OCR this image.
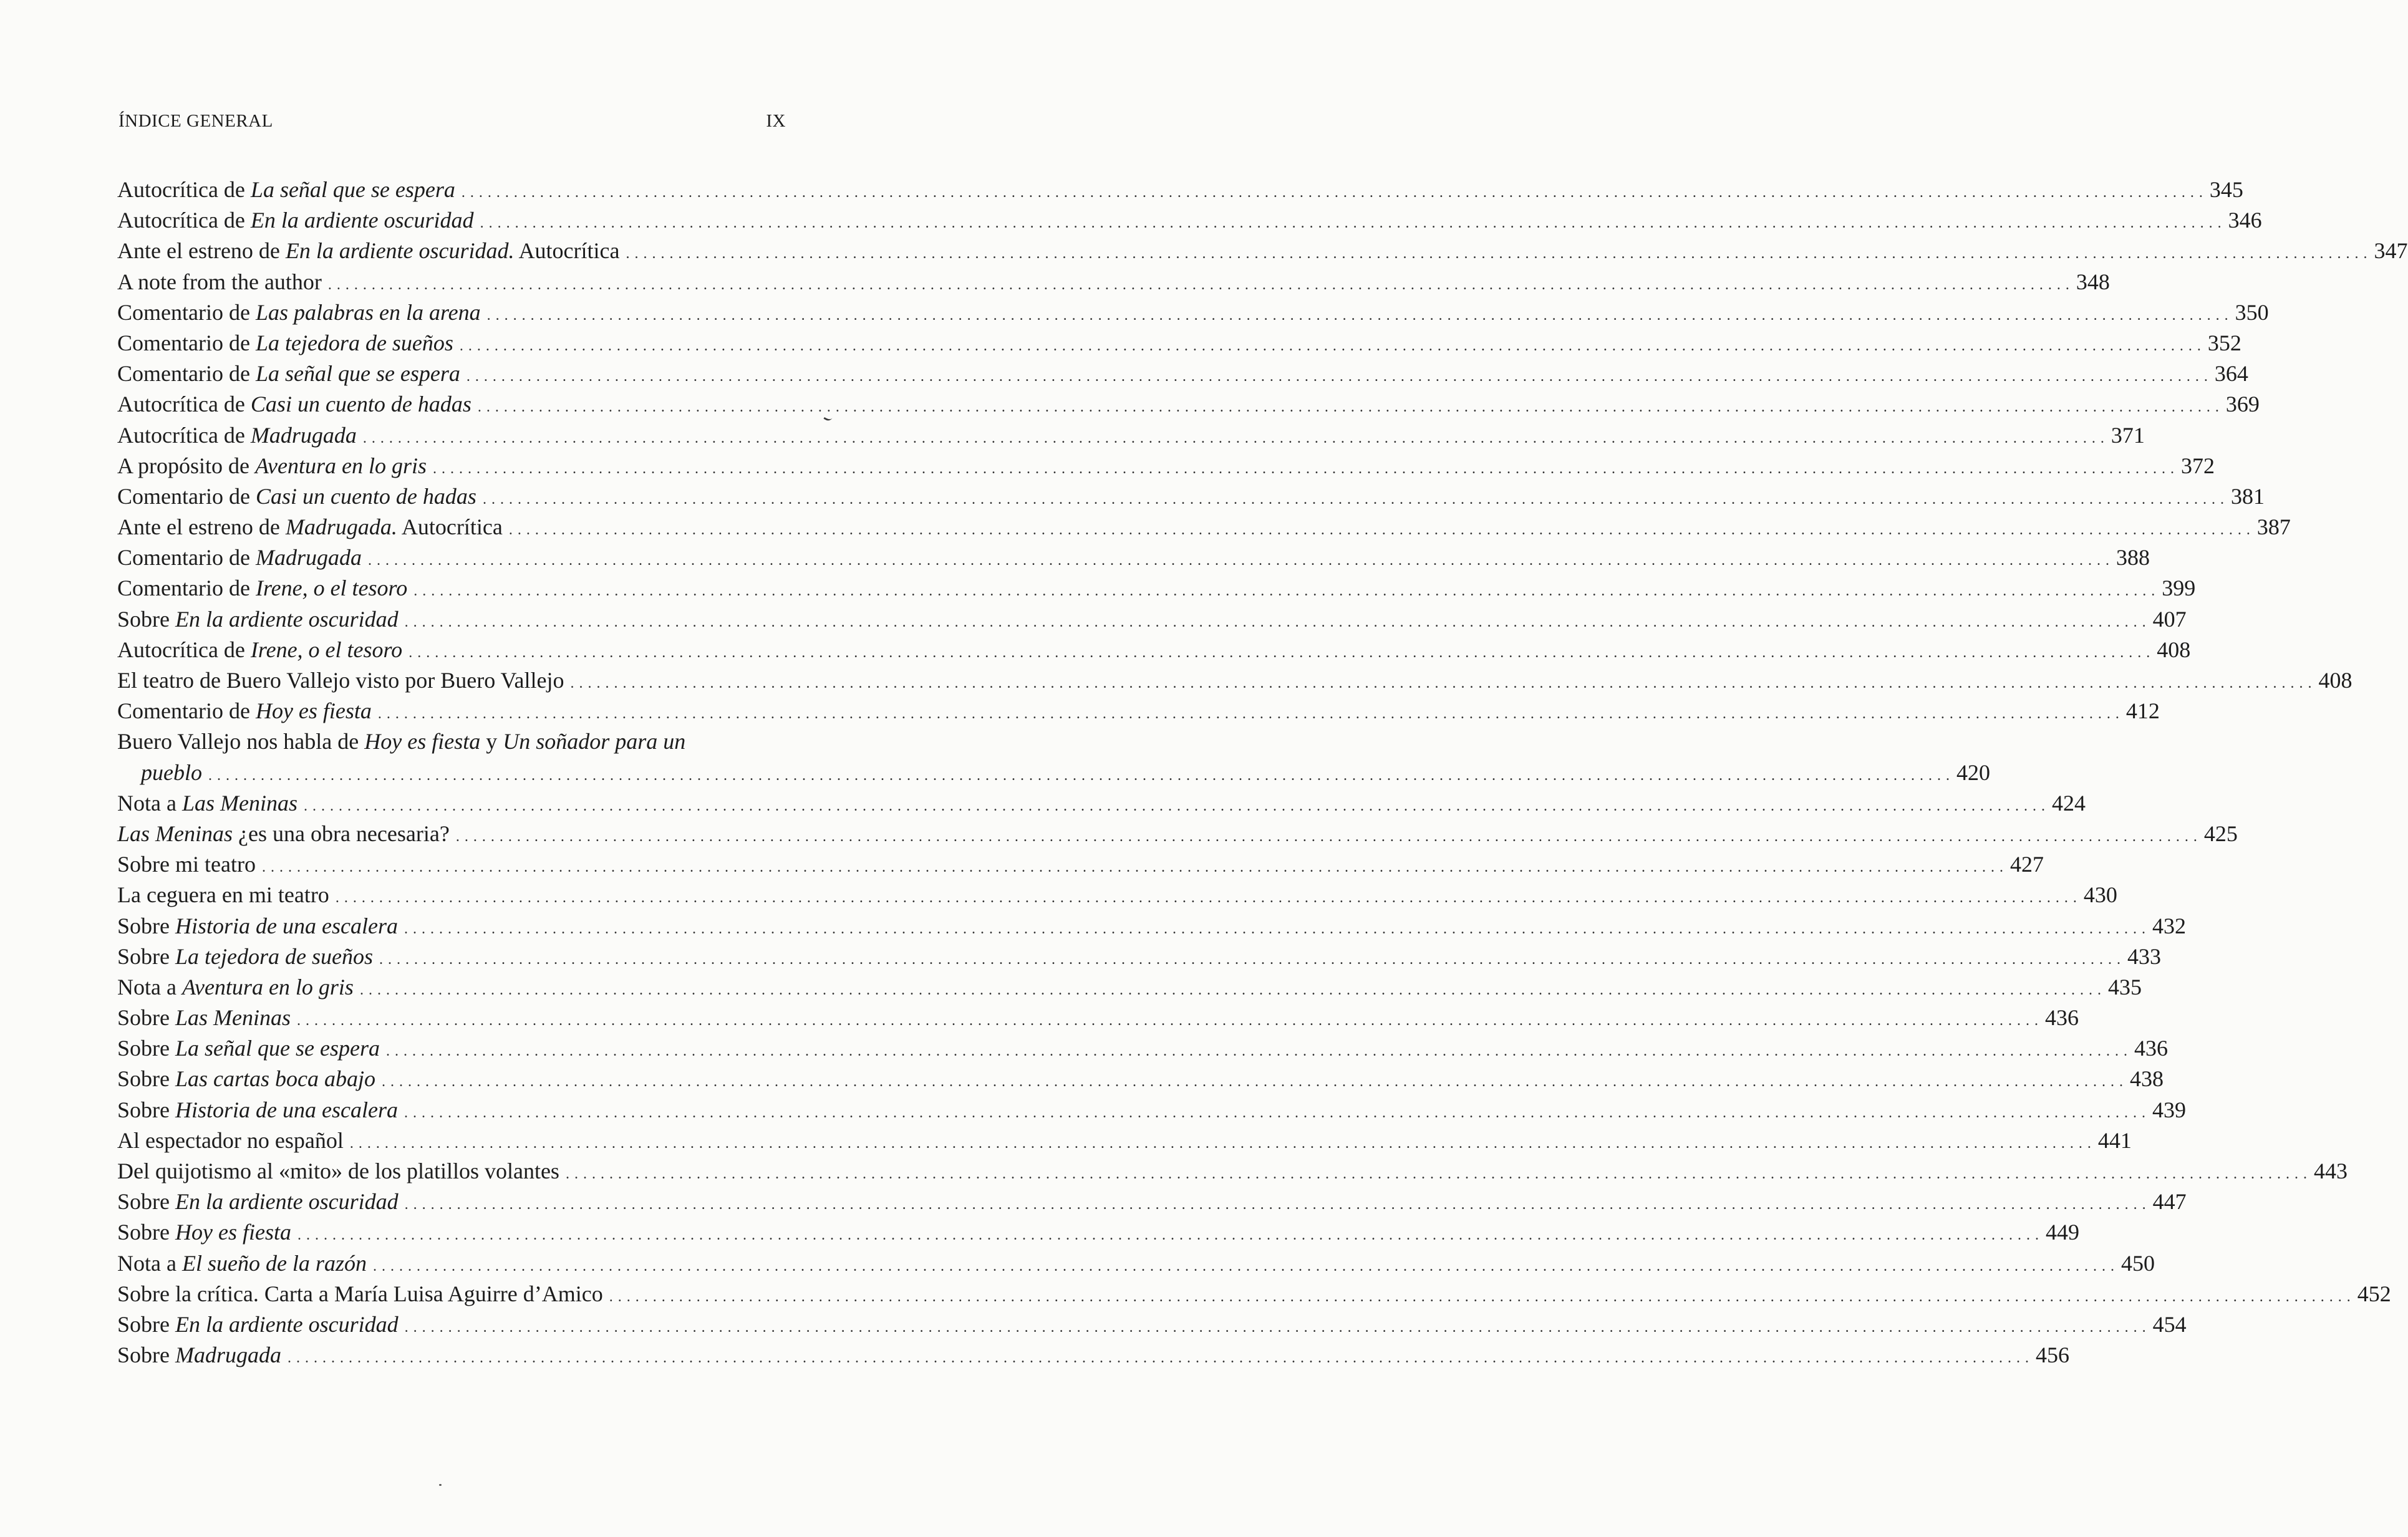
ÍNDICE GENERAL	IX
Autocrítica de La señal que se espera . . . . . . . . . . . . . . . . . . . . . . . . . . . . . . . . . . . . . . . . . . . . . . . . . . . . . . . . . . . . . . . . . . . . . . . . . . . . . . . . . . . . . . . . . . . . . . . . . . . . . . . . . . . . . . . . . . . . . . . . . . . . . . . . . . . . . . . . . . . . . . . . . . . . . . . . . . . . . . . . . . . . . . . . . . . . . . . . . . . . . . . . . . . . . . . . . . . . . . . . 345
Autocrítica de En la ardiente oscuridad . . . . . . . . . . . . . . . . . . . . . . . . . . . . . . . . . . . . . . . . . . . . . . . . . . . . . . . . . . . . . . . . . . . . . . . . . . . . . . . . . . . . . . . . . . . . . . . . . . . . . . . . . . . . . . . . . . . . . . . . . . . . . . . . . . . . . . . . . . . . . . . . . . . . . . . . . . . . . . . . . . . . . . . . . . . . . . . . . . . . . . . . . . . . . . . . . . . . . . . . 346
Ante el estreno de En la ardiente oscuridad. Autocrítica . . . . . . . . . . . . . . . . . . . . . . . . . . . . . . . . . . . . . . . . . . . . . . . . . . . . . . . . . . . . . . . . . . . . . . . . . . . . . . . . . . . . . . . . . . . . . . . . . . . . . . . . . . . . . . . . . . . . . . . . . . . . . . . . . . . . . . . . . . . . . . . . . . . . . . . . . . . . . . . . . . . . . . . . . . . . . . . . . . . . . . . . . . . . . . . . . . . . . . . . 347
A note from the author . . . . . . . . . . . . . . . . . . . . . . . . . . . . . . . . . . . . . . . . . . . . . . . . . . . . . . . . . . . . . . . . . . . . . . . . . . . . . . . . . . . . . . . . . . . . . . . . . . . . . . . . . . . . . . . . . . . . . . . . . . . . . . . . . . . . . . . . . . . . . . . . . . . . . . . . . . . . . . . . . . . . . . . . . . . . . . . . . . . . . . . . . . . . . . . . . . . . . . . . 348
Comentario de Las palabras en la arena . . . . . . . . . . . . . . . . . . . . . . . . . . . . . . . . . . . . . . . . . . . . . . . . . . . . . . . . . . . . . . . . . . . . . . . . . . . . . . . . . . . . . . . . . . . . . . . . . . . . . . . . . . . . . . . . . . . . . . . . . . . . . . . . . . . . . . . . . . . . . . . . . . . . . . . . . . . . . . . . . . . . . . . . . . . . . . . . . . . . . . . . . . . . . . . . . . . . . . . . 350
Comentario de La tejedora de sueños . . . . . . . . . . . . . . . . . . . . . . . . . . . . . . . . . . . . . . . . . . . . . . . . . . . . . . . . . . . . . . . . . . . . . . . . . . . . . . . . . . . . . . . . . . . . . . . . . . . . . . . . . . . . . . . . . . . . . . . . . . . . . . . . . . . . . . . . . . . . . . . . . . . . . . . . . . . . . . . . . . . . . . . . . . . . . . . . . . . . . . . . . . . . . . . . . . . . . . . . 352
Comentario de La señal que se espera . . . . . . . . . . . . . . . . . . . . . . . . . . . . . . . . . . . . . . . . . . . . . . . . . . . . . . . . . . . . . . . . . . . . . . . . . . . . . . . . . . . . . . . . . . . . . . . . . . . . . . . . . . . . . . . . . . . . . . . . . . . . . . . . . . . . . . . . . . . . . . . . . . . . . . . . . . . . . . . . . . . . . . . . . . . . . . . . . . . . . . . . . . . . . . . . . . . . . . . . 364
Autocrítica de Casi un cuento de hadas . . . . . . . . . . . . . . . . . . . . . . . . . . . . . . . . . . . . . . . . . . . . . . . . . . . . . . . . . . . . . . . . . . . . . . . . . . . . . . . . . . . . . . . . . . . . . . . . . . . . . . . . . . . . . . . . . . . . . . . . . . . . . . . . . . . . . . . . . . . . . . . . . . . . . . . . . . . . . . . . . . . . . . . . . . . . . . . . . . . . . . . . . . . . . . . . . . . . . . . . 369
Autocrítica de Madrugada . . . . . . . . . . . . . . . . . . . . . . . . . . . . . . . . . . . . . . . . . . . . . . . . . . . . . . . . . . . . . . . . . . . . . . . . . . . . . . . . . . . . . . . . . . . . . . . . . . . . . . . . . . . . . . . . . . . . . . . . . . . . . . . . . . . . . . . . . . . . . . . . . . . . . . . . . . . . . . . . . . . . . . . . . . . . . . . . . . . . . . . . . . . . . . . . . . . . . . . . 371
A propósito de Aventura en lo gris . . . . . . . . . . . . . . . . . . . . . . . . . . . . . . . . . . . . . . . . . . . . . . . . . . . . . . . . . . . . . . . . . . . . . . . . . . . . . . . . . . . . . . . . . . . . . . . . . . . . . . . . . . . . . . . . . . . . . . . . . . . . . . . . . . . . . . . . . . . . . . . . . . . . . . . . . . . . . . . . . . . . . . . . . . . . . . . . . . . . . . . . . . . . . . . . . . . . . . . . 372
Comentario de Casi un cuento de hadas . . . . . . . . . . . . . . . . . . . . . . . . . . . . . . . . . . . . . . . . . . . . . . . . . . . . . . . . . . . . . . . . . . . . . . . . . . . . . . . . . . . . . . . . . . . . . . . . . . . . . . . . . . . . . . . . . . . . . . . . . . . . . . . . . . . . . . . . . . . . . . . . . . . . . . . . . . . . . . . . . . . . . . . . . . . . . . . . . . . . . . . . . . . . . . . . . . . . . . . . 381
Ante el estreno de Madrugada. Autocrítica . . . . . . . . . . . . . . . . . . . . . . . . . . . . . . . . . . . . . . . . . . . . . . . . . . . . . . . . . . . . . . . . . . . . . . . . . . . . . . . . . . . . . . . . . . . . . . . . . . . . . . . . . . . . . . . . . . . . . . . . . . . . . . . . . . . . . . . . . . . . . . . . . . . . . . . . . . . . . . . . . . . . . . . . . . . . . . . . . . . . . . . . . . . . . . . . . . . . . . . . 387
Comentario de Madrugada . . . . . . . . . . . . . . . . . . . . . . . . . . . . . . . . . . . . . . . . . . . . . . . . . . . . . . . . . . . . . . . . . . . . . . . . . . . . . . . . . . . . . . . . . . . . . . . . . . . . . . . . . . . . . . . . . . . . . . . . . . . . . . . . . . . . . . . . . . . . . . . . . . . . . . . . . . . . . . . . . . . . . . . . . . . . . . . . . . . . . . . . . . . . . . . . . . . . . . . . 388
Comentario de Irene, o el tesoro . . . . . . . . . . . . . . . . . . . . . . . . . . . . . . . . . . . . . . . . . . . . . . . . . . . . . . . . . . . . . . . . . . . . . . . . . . . . . . . . . . . . . . . . . . . . . . . . . . . . . . . . . . . . . . . . . . . . . . . . . . . . . . . . . . . . . . . . . . . . . . . . . . . . . . . . . . . . . . . . . . . . . . . . . . . . . . . . . . . . . . . . . . . . . . . . . . . . . . . . 399
Sobre En la ardiente oscuridad . . . . . . . . . . . . . . . . . . . . . . . . . . . . . . . . . . . . . . . . . . . . . . . . . . . . . . . . . . . . . . . . . . . . . . . . . . . . . . . . . . . . . . . . . . . . . . . . . . . . . . . . . . . . . . . . . . . . . . . . . . . . . . . . . . . . . . . . . . . . . . . . . . . . . . . . . . . . . . . . . . . . . . . . . . . . . . . . . . . . . . . . . . . . . . . . . . . . . . . . 407
Autocrítica de Irene, o el tesoro . . . . . . . . . . . . . . . . . . . . . . . . . . . . . . . . . . . . . . . . . . . . . . . . . . . . . . . . . . . . . . . . . . . . . . . . . . . . . . . . . . . . . . . . . . . . . . . . . . . . . . . . . . . . . . . . . . . . . . . . . . . . . . . . . . . . . . . . . . . . . . . . . . . . . . . . . . . . . . . . . . . . . . . . . . . . . . . . . . . . . . . . . . . . . . . . . . . . . . . . 408
El teatro de Buero Vallejo visto por Buero Vallejo . . . . . . . . . . . . . . . . . . . . . . . . . . . . . . . . . . . . . . . . . . . . . . . . . . . . . . . . . . . . . . . . . . . . . . . . . . . . . . . . . . . . . . . . . . . . . . . . . . . . . . . . . . . . . . . . . . . . . . . . . . . . . . . . . . . . . . . . . . . . . . . . . . . . . . . . . . . . . . . . . . . . . . . . . . . . . . . . . . . . . . . . . . . . . . . . . . . . . . . . 408
Comentario de Hoy es fiesta . . . . . . . . . . . . . . . . . . . . . . . . . . . . . . . . . . . . . . . . . . . . . . . . . . . . . . . . . . . . . . . . . . . . . . . . . . . . . . . . . . . . . . . . . . . . . . . . . . . . . . . . . . . . . . . . . . . . . . . . . . . . . . . . . . . . . . . . . . . . . . . . . . . . . . . . . . . . . . . . . . . . . . . . . . . . . . . . . . . . . . . . . . . . . . . . . . . . . . . . 412
Buero Vallejo nos habla de Hoy es fiesta y Un soñador para un
pueblo . . . . . . . . . . . . . . . . . . . . . . . . . . . . . . . . . . . . . . . . . . . . . . . . . . . . . . . . . . . . . . . . . . . . . . . . . . . . . . . . . . . . . . . . . . . . . . . . . . . . . . . . . . . . . . . . . . . . . . . . . . . . . . . . . . . . . . . . . . . . . . . . . . . . . . . . . . . . . . . . . . . . . . . . . . . . . . . . . . . . . . . . . . . . . . . . . . . . . . . . 420
Nota a Las Meninas . . . . . . . . . . . . . . . . . . . . . . . . . . . . . . . . . . . . . . . . . . . . . . . . . . . . . . . . . . . . . . . . . . . . . . . . . . . . . . . . . . . . . . . . . . . . . . . . . . . . . . . . . . . . . . . . . . . . . . . . . . . . . . . . . . . . . . . . . . . . . . . . . . . . . . . . . . . . . . . . . . . . . . . . . . . . . . . . . . . . . . . . . . . . . . . . . . . . . . . . 424
Las Meninas ¿es una obra necesaria? . . . . . . . . . . . . . . . . . . . . . . . . . . . . . . . . . . . . . . . . . . . . . . . . . . . . . . . . . . . . . . . . . . . . . . . . . . . . . . . . . . . . . . . . . . . . . . . . . . . . . . . . . . . . . . . . . . . . . . . . . . . . . . . . . . . . . . . . . . . . . . . . . . . . . . . . . . . . . . . . . . . . . . . . . . . . . . . . . . . . . . . . . . . . . . . . . . . . . . . . 425
Sobre mi teatro . . . . . . . . . . . . . . . . . . . . . . . . . . . . . . . . . . . . . . . . . . . . . . . . . . . . . . . . . . . . . . . . . . . . . . . . . . . . . . . . . . . . . . . . . . . . . . . . . . . . . . . . . . . . . . . . . . . . . . . . . . . . . . . . . . . . . . . . . . . . . . . . . . . . . . . . . . . . . . . . . . . . . . . . . . . . . . . . . . . . . . . . . . . . . . . . . . . . . . . . 427
La ceguera en mi teatro . . . . . . . . . . . . . . . . . . . . . . . . . . . . . . . . . . . . . . . . . . . . . . . . . . . . . . . . . . . . . . . . . . . . . . . . . . . . . . . . . . . . . . . . . . . . . . . . . . . . . . . . . . . . . . . . . . . . . . . . . . . . . . . . . . . . . . . . . . . . . . . . . . . . . . . . . . . . . . . . . . . . . . . . . . . . . . . . . . . . . . . . . . . . . . . . . . . . . . . . 430
Sobre Historia de una escalera . . . . . . . . . . . . . . . . . . . . . . . . . . . . . . . . . . . . . . . . . . . . . . . . . . . . . . . . . . . . . . . . . . . . . . . . . . . . . . . . . . . . . . . . . . . . . . . . . . . . . . . . . . . . . . . . . . . . . . . . . . . . . . . . . . . . . . . . . . . . . . . . . . . . . . . . . . . . . . . . . . . . . . . . . . . . . . . . . . . . . . . . . . . . . . . . . . . . . . . . 432
Sobre La tejedora de sueños . . . . . . . . . . . . . . . . . . . . . . . . . . . . . . . . . . . . . . . . . . . . . . . . . . . . . . . . . . . . . . . . . . . . . . . . . . . . . . . . . . . . . . . . . . . . . . . . . . . . . . . . . . . . . . . . . . . . . . . . . . . . . . . . . . . . . . . . . . . . . . . . . . . . . . . . . . . . . . . . . . . . . . . . . . . . . . . . . . . . . . . . . . . . . . . . . . . . . . . . 433
Nota a Aventura en lo gris . . . . . . . . . . . . . . . . . . . . . . . . . . . . . . . . . . . . . . . . . . . . . . . . . . . . . . . . . . . . . . . . . . . . . . . . . . . . . . . . . . . . . . . . . . . . . . . . . . . . . . . . . . . . . . . . . . . . . . . . . . . . . . . . . . . . . . . . . . . . . . . . . . . . . . . . . . . . . . . . . . . . . . . . . . . . . . . . . . . . . . . . . . . . . . . . . . . . . . . . 435
Sobre Las Meninas . . . . . . . . . . . . . . . . . . . . . . . . . . . . . . . . . . . . . . . . . . . . . . . . . . . . . . . . . . . . . . . . . . . . . . . . . . . . . . . . . . . . . . . . . . . . . . . . . . . . . . . . . . . . . . . . . . . . . . . . . . . . . . . . . . . . . . . . . . . . . . . . . . . . . . . . . . . . . . . . . . . . . . . . . . . . . . . . . . . . . . . . . . . . . . . . . . . . . . . . 436
Sobre La señal que se espera . . . . . . . . . . . . . . . . . . . . . . . . . . . . . . . . . . . . . . . . . . . . . . . . . . . . . . . . . . . . . . . . . . . . . . . . . . . . . . . . . . . . . . . . . . . . . . . . . . . . . . . . . . . . . . . . . . . . . . . . . . . . . . . . . . . . . . . . . . . . . . . . . . . . . . . . . . . . . . . . . . . . . . . . . . . . . . . . . . . . . . . . . . . . . . . . . . . . . . . . 436
Sobre Las cartas boca abajo . . . . . . . . . . . . . . . . . . . . . . . . . . . . . . . . . . . . . . . . . . . . . . . . . . . . . . . . . . . . . . . . . . . . . . . . . . . . . . . . . . . . . . . . . . . . . . . . . . . . . . . . . . . . . . . . . . . . . . . . . . . . . . . . . . . . . . . . . . . . . . . . . . . . . . . . . . . . . . . . . . . . . . . . . . . . . . . . . . . . . . . . . . . . . . . . . . . . . . . . 438
Sobre Historia de una escalera . . . . . . . . . . . . . . . . . . . . . . . . . . . . . . . . . . . . . . . . . . . . . . . . . . . . . . . . . . . . . . . . . . . . . . . . . . . . . . . . . . . . . . . . . . . . . . . . . . . . . . . . . . . . . . . . . . . . . . . . . . . . . . . . . . . . . . . . . . . . . . . . . . . . . . . . . . . . . . . . . . . . . . . . . . . . . . . . . . . . . . . . . . . . . . . . . . . . . . . . 439
Al espectador no español . . . . . . . . . . . . . . . . . . . . . . . . . . . . . . . . . . . . . . . . . . . . . . . . . . . . . . . . . . . . . . . . . . . . . . . . . . . . . . . . . . . . . . . . . . . . . . . . . . . . . . . . . . . . . . . . . . . . . . . . . . . . . . . . . . . . . . . . . . . . . . . . . . . . . . . . . . . . . . . . . . . . . . . . . . . . . . . . . . . . . . . . . . . . . . . . . . . . . . . . 441
Del quijotismo al «mito» de los platillos volantes . . . . . . . . . . . . . . . . . . . . . . . . . . . . . . . . . . . . . . . . . . . . . . . . . . . . . . . . . . . . . . . . . . . . . . . . . . . . . . . . . . . . . . . . . . . . . . . . . . . . . . . . . . . . . . . . . . . . . . . . . . . . . . . . . . . . . . . . . . . . . . . . . . . . . . . . . . . . . . . . . . . . . . . . . . . . . . . . . . . . . . . . . . . . . . . . . . . . . . . . 443
Sobre En la ardiente oscuridad . . . . . . . . . . . . . . . . . . . . . . . . . . . . . . . . . . . . . . . . . . . . . . . . . . . . . . . . . . . . . . . . . . . . . . . . . . . . . . . . . . . . . . . . . . . . . . . . . . . . . . . . . . . . . . . . . . . . . . . . . . . . . . . . . . . . . . . . . . . . . . . . . . . . . . . . . . . . . . . . . . . . . . . . . . . . . . . . . . . . . . . . . . . . . . . . . . . . . . . . 447
Sobre Hoy es fiesta . . . . . . . . . . . . . . . . . . . . . . . . . . . . . . . . . . . . . . . . . . . . . . . . . . . . . . . . . . . . . . . . . . . . . . . . . . . . . . . . . . . . . . . . . . . . . . . . . . . . . . . . . . . . . . . . . . . . . . . . . . . . . . . . . . . . . . . . . . . . . . . . . . . . . . . . . . . . . . . . . . . . . . . . . . . . . . . . . . . . . . . . . . . . . . . . . . . . . . . . 449
Nota a El sueño de la razón . . . . . . . . . . . . . . . . . . . . . . . . . . . . . . . . . . . . . . . . . . . . . . . . . . . . . . . . . . . . . . . . . . . . . . . . . . . . . . . . . . . . . . . . . . . . . . . . . . . . . . . . . . . . . . . . . . . . . . . . . . . . . . . . . . . . . . . . . . . . . . . . . . . . . . . . . . . . . . . . . . . . . . . . . . . . . . . . . . . . . . . . . . . . . . . . . . . . . . . . 450
Sobre la crítica. Carta a María Luisa Aguirre d’Amico . . . . . . . . . . . . . . . . . . . . . . . . . . . . . . . . . . . . . . . . . . . . . . . . . . . . . . . . . . . . . . . . . . . . . . . . . . . . . . . . . . . . . . . . . . . . . . . . . . . . . . . . . . . . . . . . . . . . . . . . . . . . . . . . . . . . . . . . . . . . . . . . . . . . . . . . . . . . . . . . . . . . . . . . . . . . . . . . . . . . . . . . . . . . . . . . . . . . . . . . 452
Sobre En la ardiente oscuridad . . . . . . . . . . . . . . . . . . . . . . . . . . . . . . . . . . . . . . . . . . . . . . . . . . . . . . . . . . . . . . . . . . . . . . . . . . . . . . . . . . . . . . . . . . . . . . . . . . . . . . . . . . . . . . . . . . . . . . . . . . . . . . . . . . . . . . . . . . . . . . . . . . . . . . . . . . . . . . . . . . . . . . . . . . . . . . . . . . . . . . . . . . . . . . . . . . . . . . . . 454
Sobre Madrugada . . . . . . . . . . . . . . . . . . . . . . . . . . . . . . . . . . . . . . . . . . . . . . . . . . . . . . . . . . . . . . . . . . . . . . . . . . . . . . . . . . . . . . . . . . . . . . . . . . . . . . . . . . . . . . . . . . . . . . . . . . . . . . . . . . . . . . . . . . . . . . . . . . . . . . . . . . . . . . . . . . . . . . . . . . . . . . . . . . . . . . . . . . . . . . . . . . . . . . . . 456
